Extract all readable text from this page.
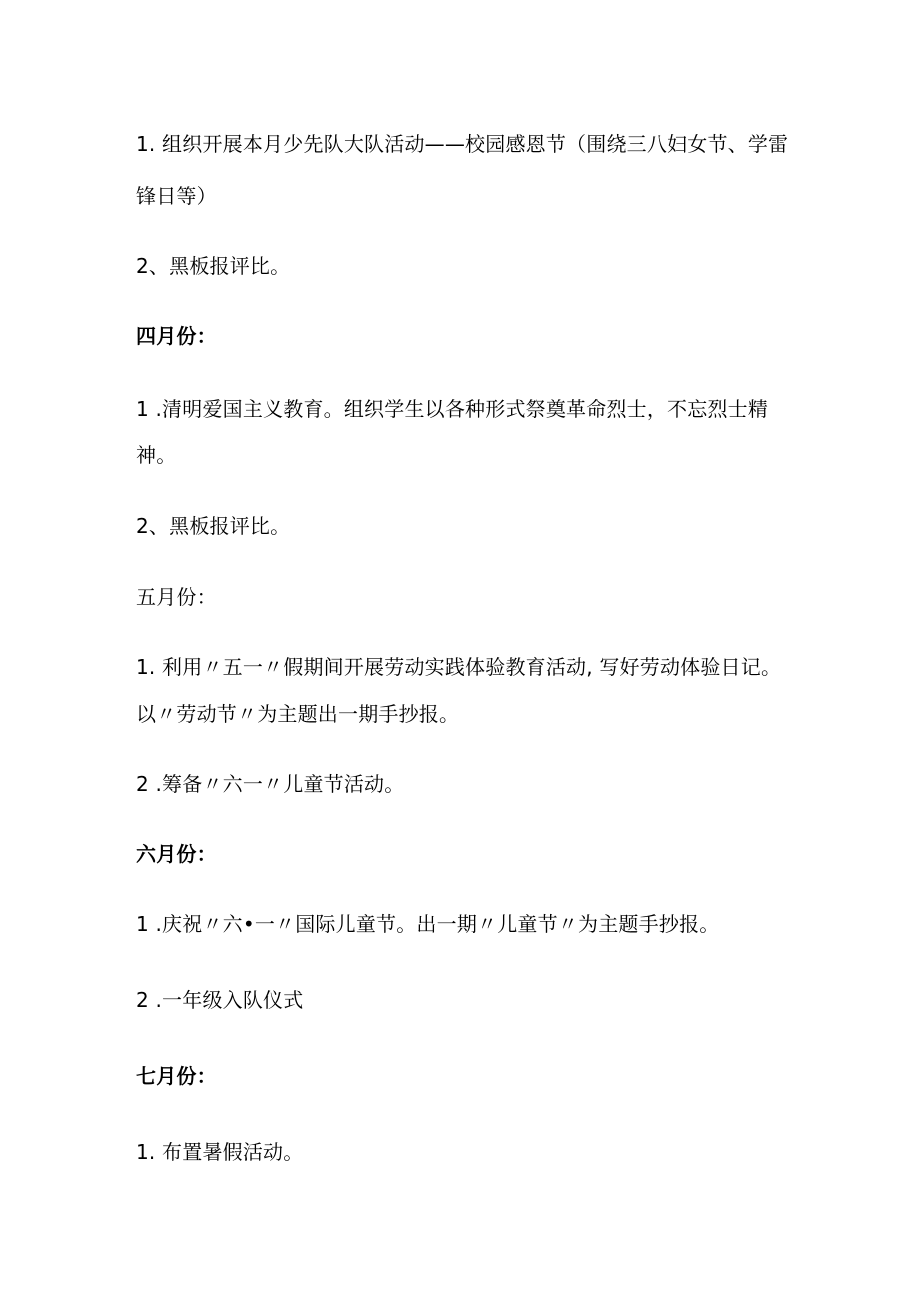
1. 组织开展本月少先队大队活动——校园感恩节（围绕三八妇女节、学雷
锋日等）
2、黑板报评比。
四月份：
1 .清明爱国主义教育。组织学生以各种形式祭奠革命烈士，不忘烈士精
神。
2、黑板报评比。
五月份：
1. 利用〃五一〃假期间开展劳动实践体验教育活动, 写好劳动体验日记。
以〃劳动节〃为主题出一期手抄报。
2 .筹备〃六一〃儿童节活动。
六月份：
1 .庆祝〃六•一〃国际儿童节。出一期〃儿童节〃为主题手抄报。
2 .一年级入队仪式
七月份：
1. 布置暑假活动。
